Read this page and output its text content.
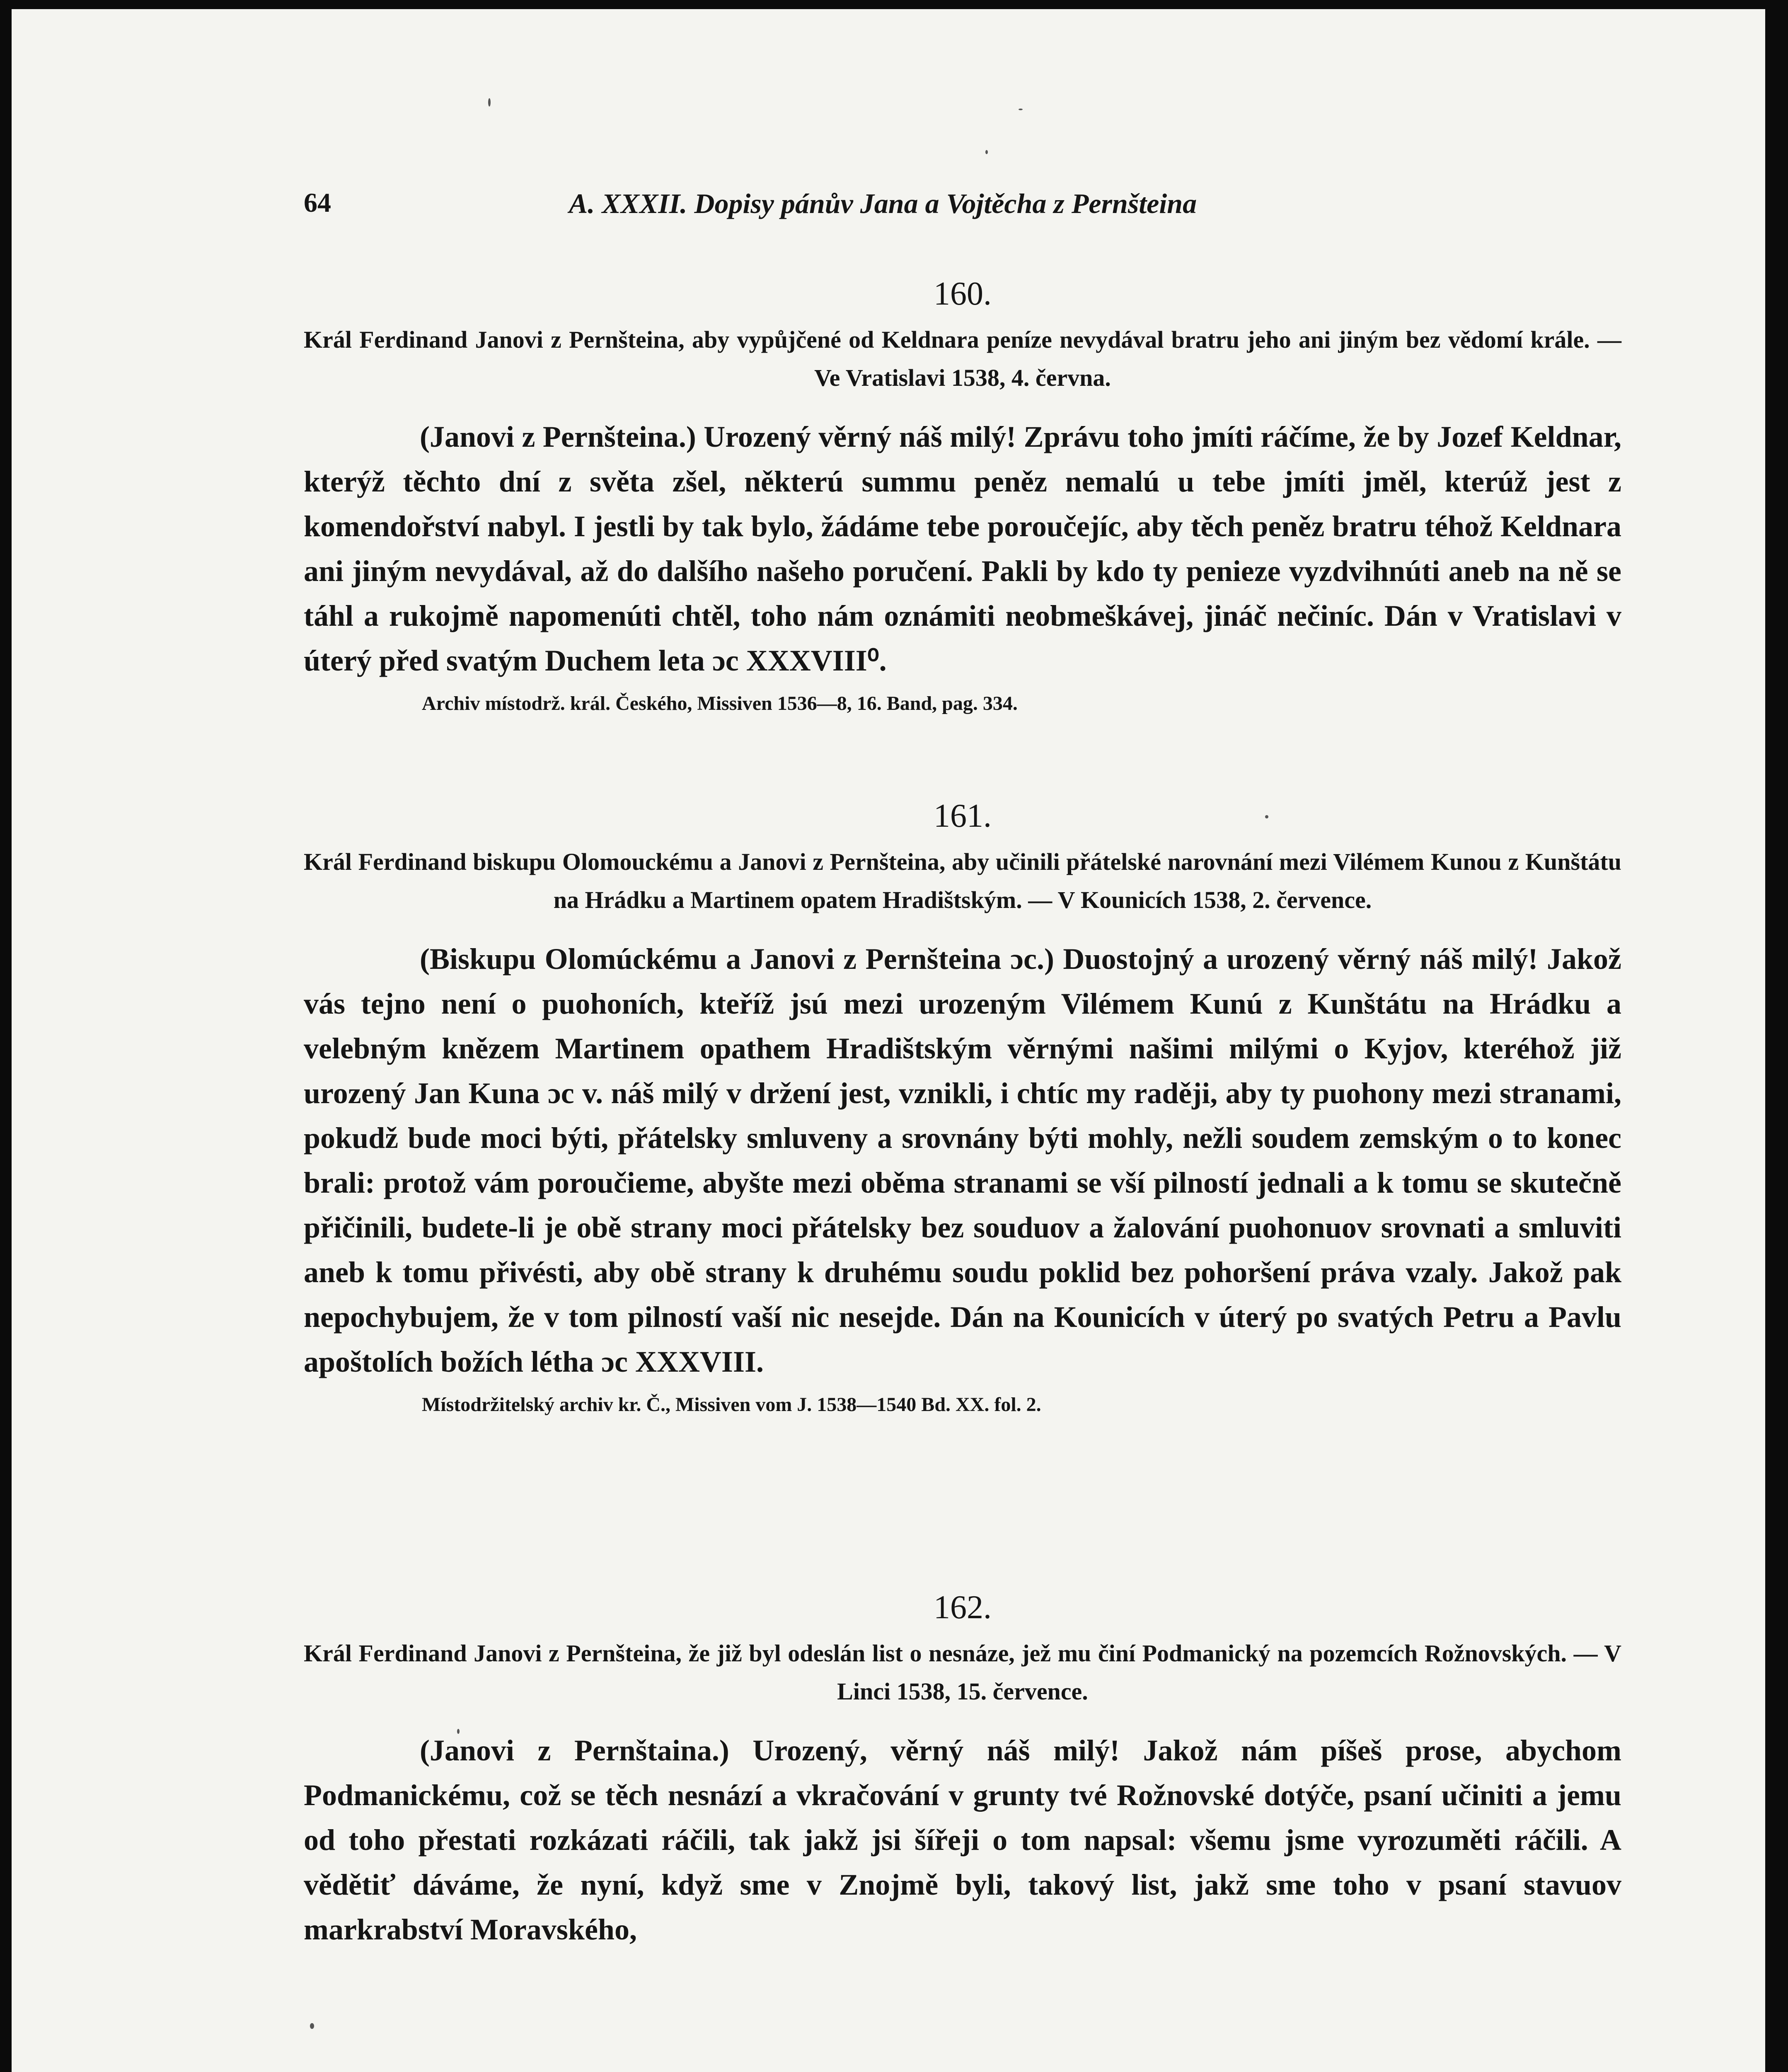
64	A. XXXII. Dopisy pánův Jana a Vojtěcha z Pernšteina
160.
Král Ferdinand Janovi z Pernšteina, aby vypůjčené od Keldnara peníze nevydával bratru jeho ani jiným bez vědomí krále. — Ve Vratislavi 1538, 4. června.
(Janovi z Pernšteina.) Urozený věrný náš milý! Zprávu toho jmíti ráčíme, že by Jozef Keldnar, kterýž těchto dní z světa zšel, některú summu peněz nemalú u tebe jmíti jměl, kterúž jest z komendořství nabyl. I jestli by tak bylo, žádáme tebe poroučejíc, aby těch peněz bratru téhož Keldnara ani jiným nevydával, až do dalšího našeho poručení. Pakli by kdo ty penieze vyzdvihnúti aneb na ně se táhl a rukojmě napomenúti chtěl, toho nám oznámiti neobmeškávej, jináč nečiníc. Dán v Vratislavi v úterý před svatým Duchem leta ɔc XXXVIII⁰.
Archiv místodrž. král. Českého, Missiven 1536—8, 16. Band, pag. 334.
161.
Král Ferdinand biskupu Olomouckému a Janovi z Pernšteina, aby učinili přátelské narovnání mezi Vilémem Kunou z Kunštátu na Hrádku a Martinem opatem Hradištským. — V Kounicích 1538, 2. července.
(Biskupu Olomúckému a Janovi z Pernšteina ɔc.) Duostojný a urozený věrný náš milý! Jakož vás tejno není o puohoních, kteříž jsú mezi urozeným Vilémem Kunú z Kunštátu na Hrádku a velebným knězem Martinem opathem Hradištským věrnými našimi milými o Kyjov, kteréhož již urozený Jan Kuna ɔc v. náš milý v držení jest, vznikli, i chtíc my raději, aby ty puohony mezi stranami, pokudž bude moci býti, přátelsky smluveny a srovnány býti mohly, nežli soudem zemským o to konec brali: protož vám poroučieme, abyšte mezi oběma stranami se vší pilností jednali a k tomu se skutečně přičinili, budete-li je obě strany moci přátelsky bez souduov a žalování puohonuov srovnati a smluviti aneb k tomu přivésti, aby obě strany k druhému soudu poklid bez pohoršení práva vzaly. Jakož pak nepochybujem, že v tom pilností vaší nic nesejde. Dán na Kounicích v úterý po svatých Petru a Pavlu apoštolích božích létha ɔc XXXVIII.
Místodržitelský archiv kr. Č., Missiven vom J. 1538—1540 Bd. XX. fol. 2.
162.
Král Ferdinand Janovi z Pernšteina, že již byl odeslán list o nesnáze, jež mu činí Podmanický na pozemcích Rožnovských. — V Linci 1538, 15. července.
(Janovi z Pernštaina.) Urozený, věrný náš milý! Jakož nám píšeš prose, abychom Podmanickému, což se těch nesnází a vkračování v grunty tvé Rožnovské dotýče, psaní učiniti a jemu od toho přestati rozkázati ráčili, tak jakž jsi šířeji o tom napsal: všemu jsme vyrozuměti ráčili. A vědětiť dáváme, že nyní, když sme v Znojmě byli, takový list, jakž sme toho v psaní stavuov markrabství Moravského,
